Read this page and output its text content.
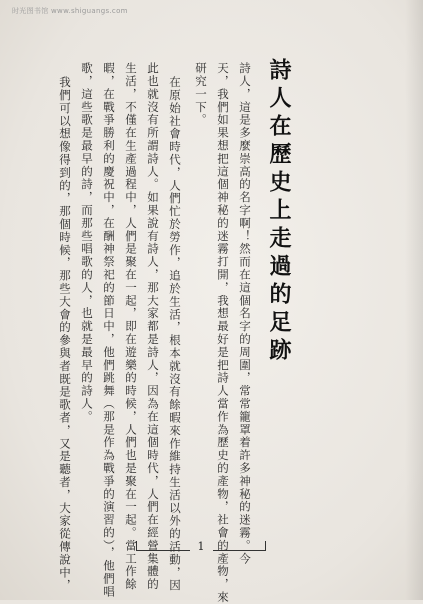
时光图书馆 www.shiguangs.com
詩人在歷史上走過的足跡
詩人，這是多麼崇高的名字啊！然而在這個名字的周圍，常常籠罩着許多神秘的迷霧。今
天，我們如果想把這個神秘的迷霧打開，我想最好是把詩人當作為歷史的產物，社會的產物，來
研究一下。
在原始社會時代，人們忙於勞作，追於生活，根本就沒有餘暇來作維持生活以外的活動，因
此也就沒有所謂詩人。如果說有詩人，那大家都是詩人，因為在這個時代，人們在經營集體的
生活，不僅在生產過程中，人們是聚在一起，即在遊樂的時候，人們也是聚在一起。當工作餘
暇，在戰爭勝利的慶祝中，在酬神祭祀的節日中，他們跳舞（那是作為戰爭的演習的），他們唱
歌，這些歌是最早的詩，而那些唱歌的人，也就是最早的詩人。
我們可以想像得到的，那個時候，那些大會的參與者既是歌者，又是聽者，大家從傳說中，	1
